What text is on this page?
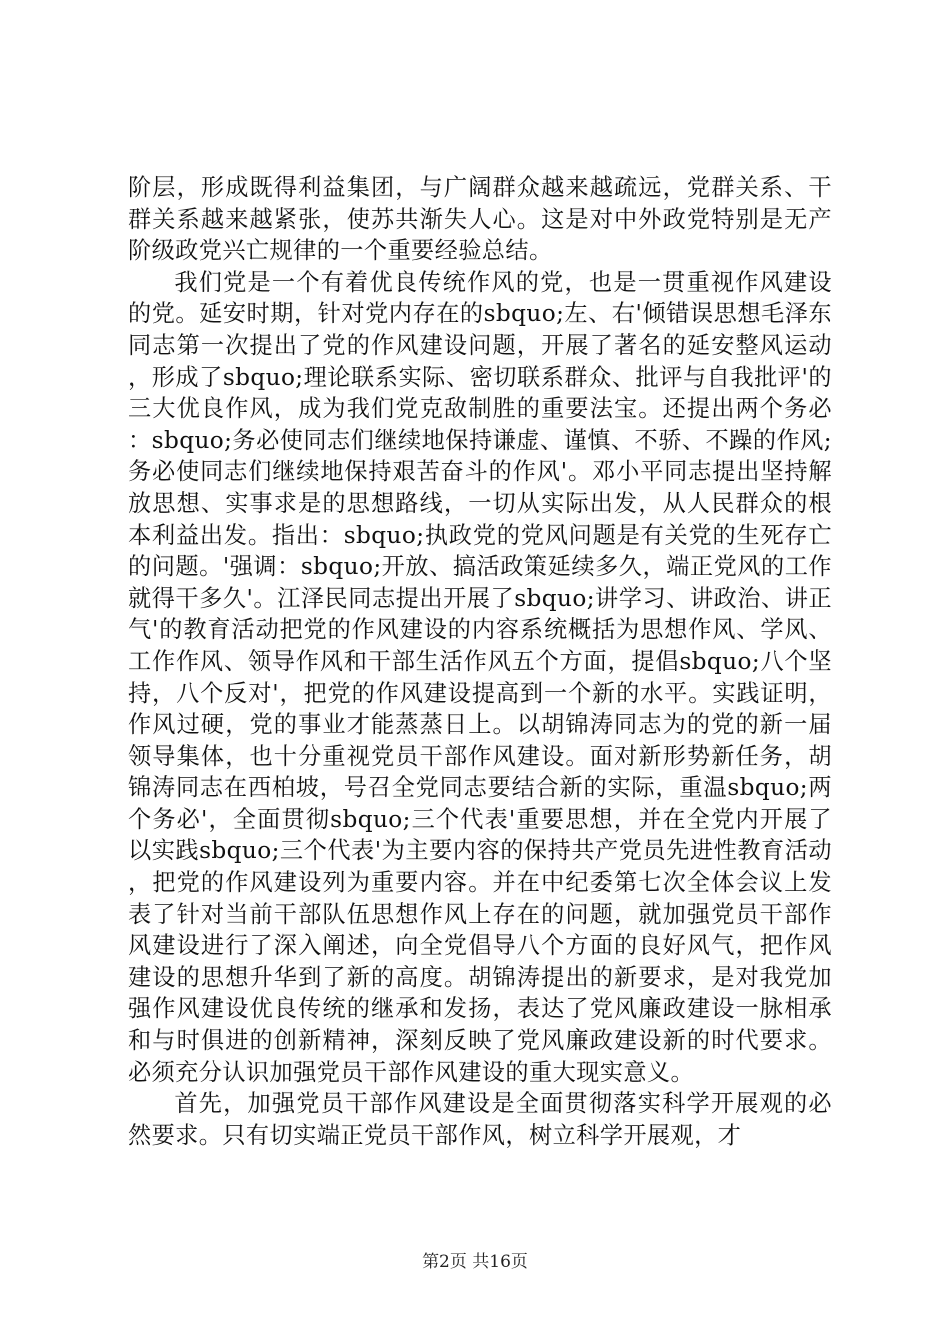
阶层，形成既得利益集团，与广阔群众越来越疏远，党群关系、干群关系越来越紧张，使苏共渐失人心。这是对中外政党特别是无产阶级政党兴亡规律的一个重要经验总结。

我们党是一个有着优良传统作风的党，也是一贯重视作风建设的党。延安时期，针对党内存在的sbquo;左、右'倾错误思想毛泽东同志第一次提出了党的作风建设问题，开展了著名的延安整风运动，形成了sbquo;理论联系实际、密切联系群众、批评与自我批评'的三大优良作风，成为我们党克敌制胜的重要法宝。还提出两个务必：sbquo;务必使同志们继续地保持谦虚、谨慎、不骄、不躁的作风;务必使同志们继续地保持艰苦奋斗的作风'。邓小平同志提出坚持解放思想、实事求是的思想路线，一切从实际出发，从人民群众的根本利益出发。指出：sbquo;执政党的党风问题是有关党的生死存亡的问题。'强调：sbquo;开放、搞活政策延续多久，端正党风的工作就得干多久'。江泽民同志提出开展了sbquo;讲学习、讲政治、讲正气'的教育活动把党的作风建设的内容系统概括为思想作风、学风、工作作风、领导作风和干部生活作风五个方面，提倡sbquo;八个坚持，八个反对'，把党的作风建设提高到一个新的水平。实践证明，作风过硬，党的事业才能蒸蒸日上。以胡锦涛同志为的党的新一届领导集体，也十分重视党员干部作风建设。面对新形势新任务，胡锦涛同志在西柏坡，号召全党同志要结合新的实际，重温sbquo;两个务必'，全面贯彻sbquo;三个代表'重要思想，并在全党内开展了以实践sbquo;三个代表'为主要内容的保持共产党员先进性教育活动，把党的作风建设列为重要内容。并在中纪委第七次全体会议上发表了针对当前干部队伍思想作风上存在的问题，就加强党员干部作风建设进行了深入阐述，向全党倡导八个方面的良好风气，把作风建设的思想升华到了新的高度。胡锦涛提出的新要求，是对我党加强作风建设优良传统的继承和发扬，表达了党风廉政建设一脉相承和与时俱进的创新精神，深刻反映了党风廉政建设新的时代要求。必须充分认识加强党员干部作风建设的重大现实意义。

首先，加强党员干部作风建设是全面贯彻落实科学开展观的必然要求。只有切实端正党员干部作风，树立科学开展观，才

第2页 共16页
